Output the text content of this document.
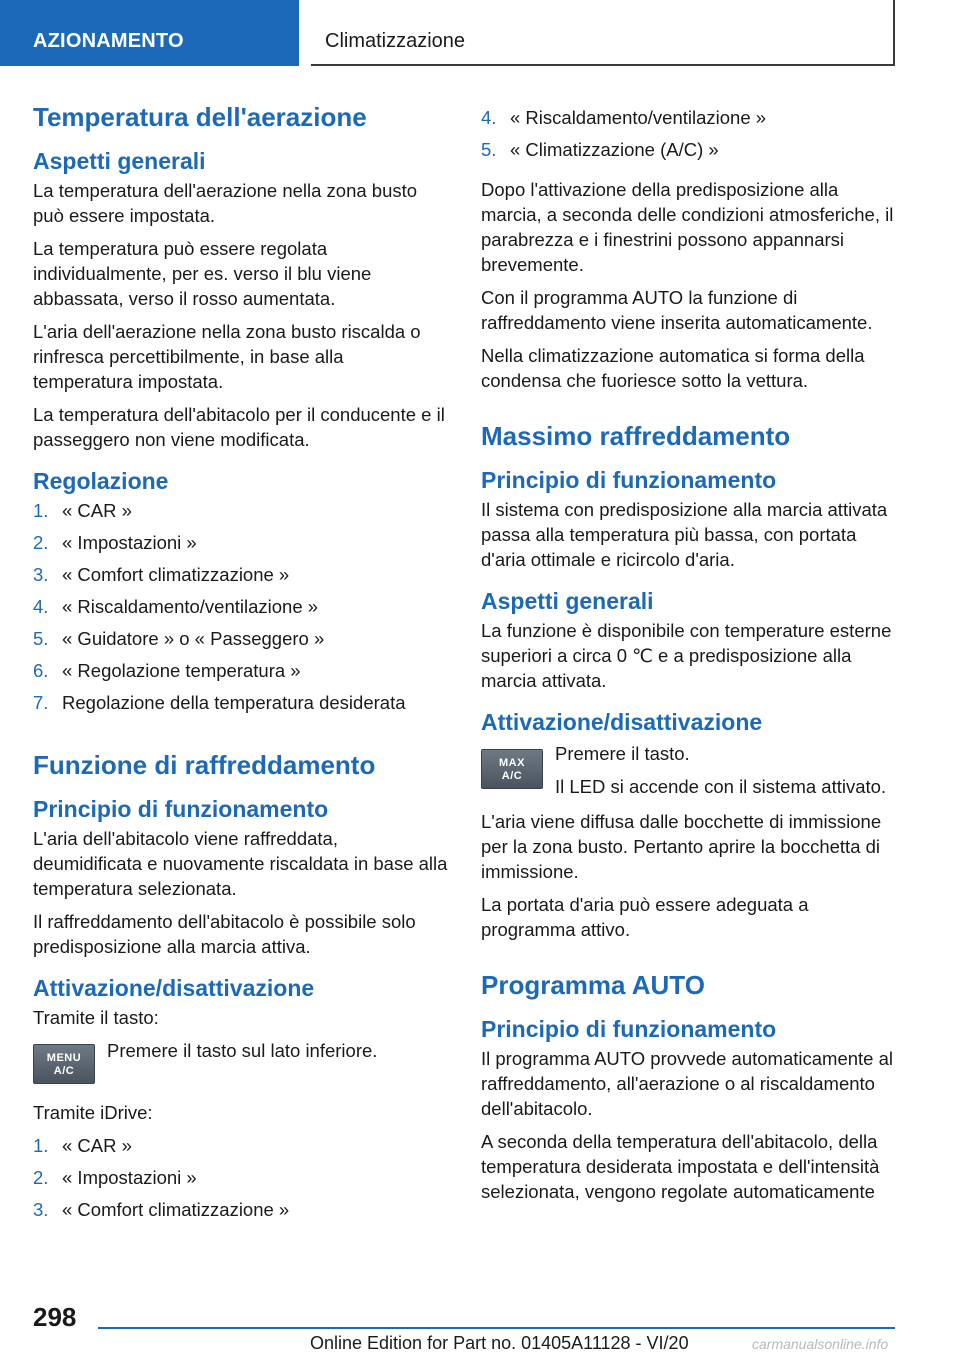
AZIONAMENTO	Climatizzazione
Temperatura dell'aerazione
Aspetti generali

La temperatura dell'aerazione nella zona busto può essere impostata.

La temperatura può essere regolata individualmente, per es. verso il blu viene abbassata, verso il rosso aumentata.

L'aria dell'aerazione nella zona busto riscalda o rinfresca percettibilmente, in base alla temperatura impostata.

La temperatura dell'abitacolo per il conducente e il passeggero non viene modificata.

Regolazione
1. « CAR »
2. « Impostazioni »
3. « Comfort climatizzazione »
4. « Riscaldamento/ventilazione »
5. « Guidatore » o « Passeggero »
6. « Regolazione temperatura »
7. Regolazione della temperatura desiderata
Funzione di raffreddamento
Principio di funzionamento

L'aria dell'abitacolo viene raffreddata, deumidificata e nuovamente riscaldata in base alla temperatura selezionata.

Il raffreddamento dell'abitacolo è possibile solo predisposizione alla marcia attiva.

Attivazione/disattivazione

Tramite il tasto:

MENU
A/C
Premere il tasto sul lato inferiore.

Tramite iDrive:

1. « CAR »
2. « Impostazioni »
3. « Comfort climatizzazione »
4. « Riscaldamento/ventilazione »
5. « Climatizzazione (A/C) »

Dopo l'attivazione della predisposizione alla marcia, a seconda delle condizioni atmosferiche, il parabrezza e i finestrini possono appannarsi brevemente.

Con il programma AUTO la funzione di raffreddamento viene inserita automaticamente.

Nella climatizzazione automatica si forma della condensa che fuoriesce sotto la vettura.

Massimo raffreddamento
Principio di funzionamento

Il sistema con predisposizione alla marcia attivata passa alla temperatura più bassa, con portata d'aria ottimale e ricircolo d'aria.

Aspetti generali

La funzione è disponibile con temperature esterne superiori a circa 0 ℃ e a predisposizione alla marcia attivata.

Attivazione/disattivazione
MAX
A/C

Premere il tasto.

Il LED si accende con il sistema attivato.

L'aria viene diffusa dalle bocchette di immissione per la zona busto. Pertanto aprire la bocchetta di immissione.

La portata d'aria può essere adeguata a programma attivo.

Programma AUTO
Principio di funzionamento

Il programma AUTO provvede automaticamente al raffreddamento, all'aerazione o al riscaldamento dell'abitacolo.

A seconda della temperatura dell'abitacolo, della temperatura desiderata impostata e dell'intensità selezionata, vengono regolate automaticamente

298
Online Edition for Part no. 01405A11128 - VI/20	carmanualsonline.info
